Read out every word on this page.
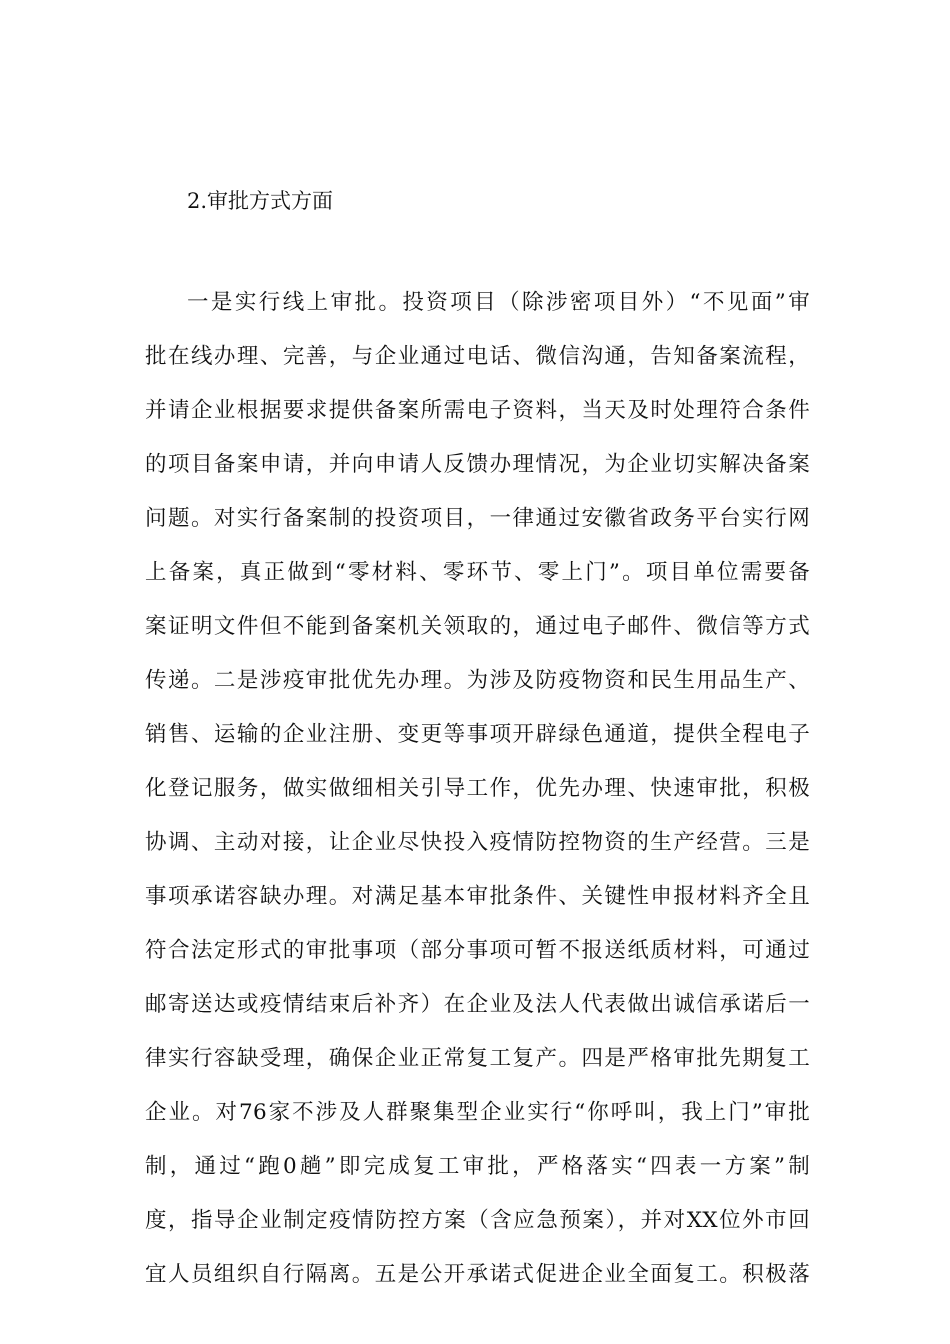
2.审批方式方面
一是实行线上审批。投资项目（除涉密项目外）“不见面”审
批在线办理、完善，与企业通过电话、微信沟通，告知备案流程，
并请企业根据要求提供备案所需电子资料，当天及时处理符合条件
的项目备案申请，并向申请人反馈办理情况，为企业切实解决备案
问题。对实行备案制的投资项目，一律通过安徽省政务平台实行网
上备案，真正做到“零材料、零环节、零上门”。项目单位需要备
案证明文件但不能到备案机关领取的，通过电子邮件、微信等方式
传递。二是涉疫审批优先办理。为涉及防疫物资和民生用品生产、
销售、运输的企业注册、变更等事项开辟绿色通道，提供全程电子
化登记服务，做实做细相关引导工作，优先办理、快速审批，积极
协调、主动对接，让企业尽快投入疫情防控物资的生产经营。三是
事项承诺容缺办理。对满足基本审批条件、关键性申报材料齐全且
符合法定形式的审批事项（部分事项可暂不报送纸质材料，可通过
邮寄送达或疫情结束后补齐）在企业及法人代表做出诚信承诺后一
律实行容缺受理，确保企业正常复工复产。四是严格审批先期复工
企业。对76家不涉及人群聚集型企业实行“你呼叫，我上门”审批
制，通过“跑0趟”即完成复工审批，严格落实“四表一方案”制
度，指导企业制定疫情防控方案（含应急预案），并对XX位外市回
宜人员组织自行隔离。五是公开承诺式促进企业全面复工。积极落
